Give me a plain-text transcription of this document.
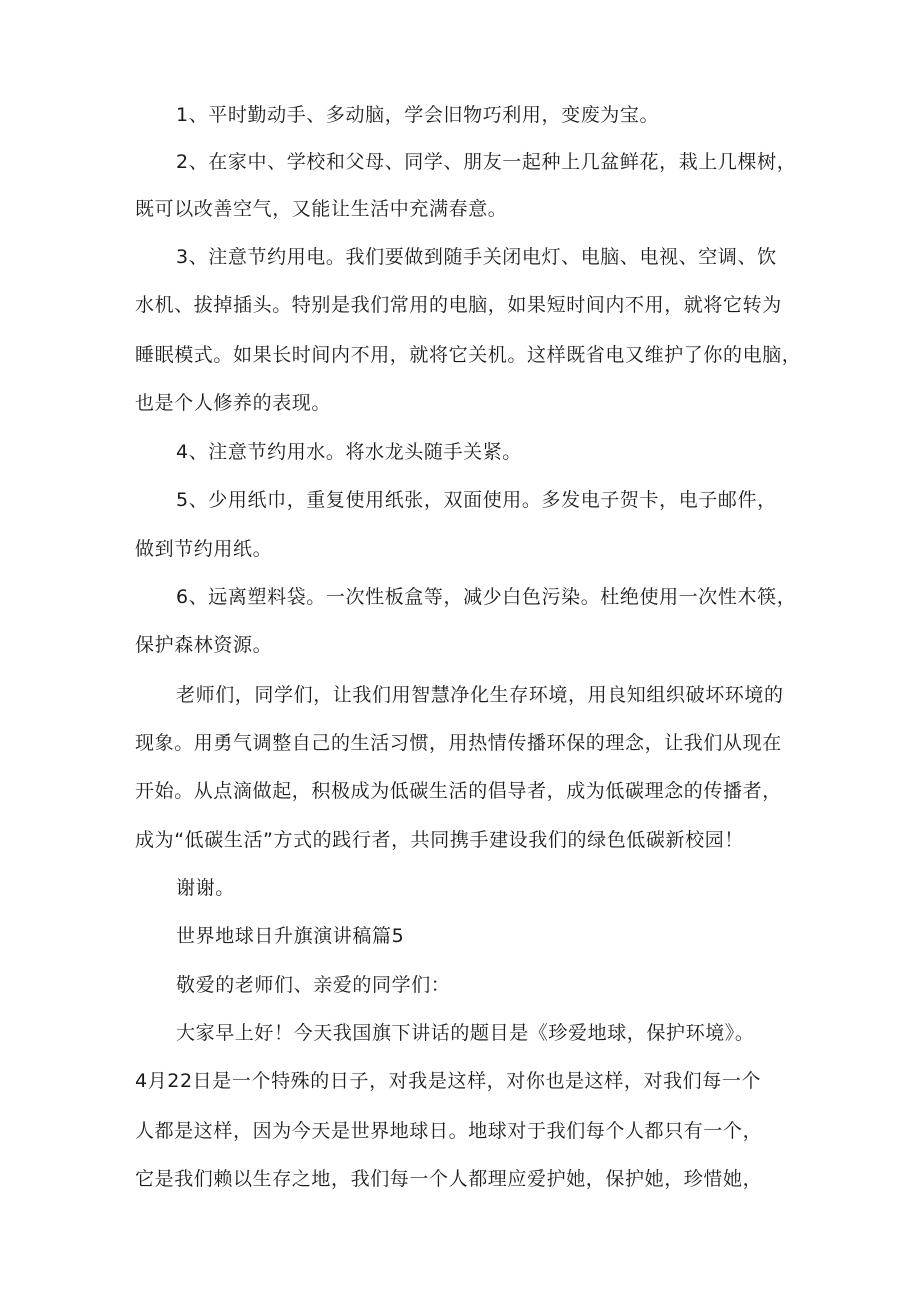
1、平时勤动手、多动脑，学会旧物巧利用，变废为宝。
2、在家中、学校和父母、同学、朋友一起种上几盆鲜花，栽上几棵树，
既可以改善空气，又能让生活中充满春意。
3、注意节约用电。我们要做到随手关闭电灯、电脑、电视、空调、饮
水机、拔掉插头。特别是我们常用的电脑，如果短时间内不用，就将它转为
睡眠模式。如果长时间内不用，就将它关机。这样既省电又维护了你的电脑，
也是个人修养的表现。
4、注意节约用水。将水龙头随手关紧。
5、少用纸巾，重复使用纸张，双面使用。多发电子贺卡，电子邮件，
做到节约用纸。
6、远离塑料袋。一次性板盒等，减少白色污染。杜绝使用一次性木筷，
保护森林资源。
老师们，同学们，让我们用智慧净化生存环境，用良知组织破坏环境的
现象。用勇气调整自己的生活习惯，用热情传播环保的理念，让我们从现在
开始。从点滴做起，积极成为低碳生活的倡导者，成为低碳理念的传播者，
成为“低碳生活”方式的践行者，共同携手建设我们的绿色低碳新校园！
谢谢。
世界地球日升旗演讲稿篇5
敬爱的老师们、亲爱的同学们：
大家早上好！今天我国旗下讲话的题目是《珍爱地球，保护环境》。
4月22日是一个特殊的日子，对我是这样，对你也是这样，对我们每一个
人都是这样，因为今天是世界地球日。地球对于我们每个人都只有一个，
它是我们赖以生存之地，我们每一个人都理应爱护她，保护她，珍惜她，
